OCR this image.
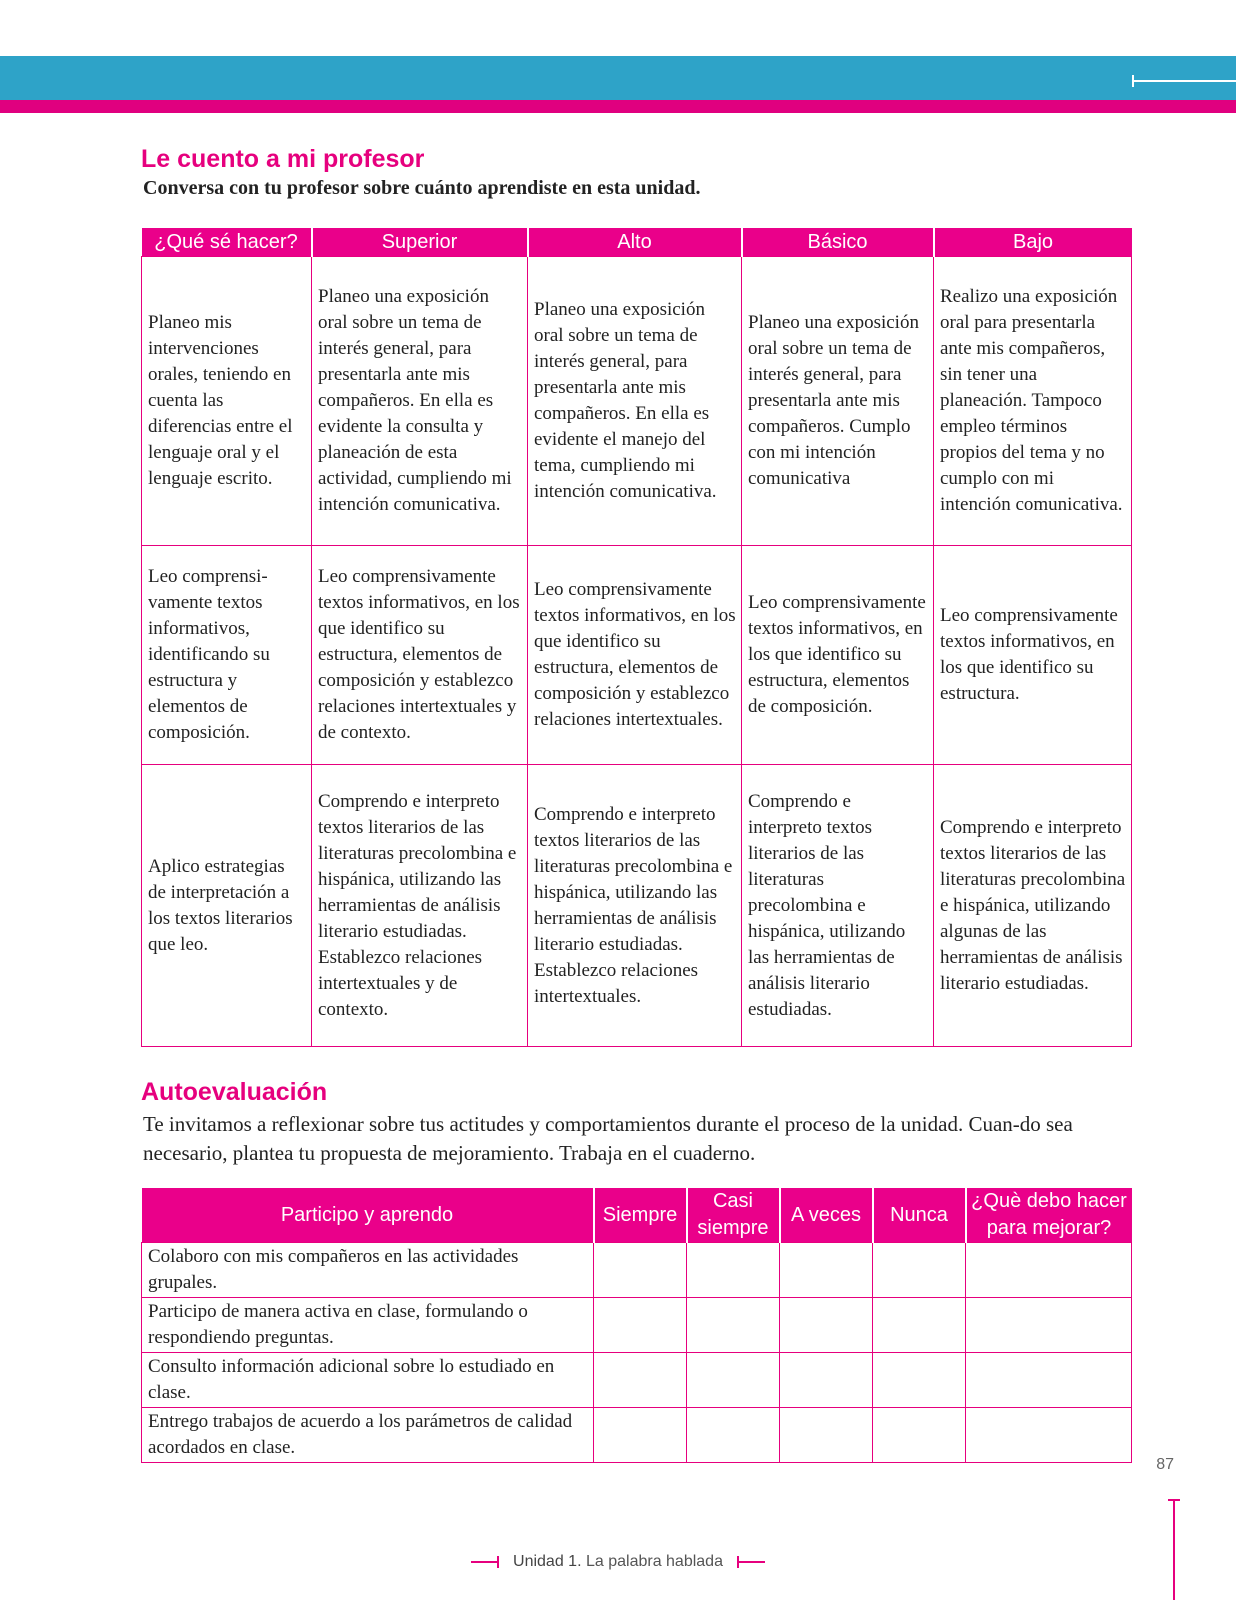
Le cuento a mi profesor

Conversa con tu profesor sobre cuánto aprendiste en esta unidad.

¿Qué sé hacer?	Superior	Alto	Básico	Bajo
Planeo mis intervenciones orales, teniendo en cuenta las diferencias entre el lenguaje oral y el lenguaje escrito.	Planeo una exposición oral sobre un tema de interés general, para presentarla ante mis compañeros. En ella es evidente la consulta y planeación de esta actividad, cumpliendo mi intención comunicativa.	Planeo una exposición oral sobre un tema de interés general, para presentarla ante mis compañeros. En ella es evidente el manejo del tema, cumpliendo mi intención comunicativa.	Planeo una exposición oral sobre un tema de interés general, para presentarla ante mis compañeros. Cumplo con mi intención comunicativa	Realizo una exposición oral para presentarla ante mis compañeros, sin tener una planeación. Tampoco empleo términos propios del tema y no cumplo con mi intención comunicativa.
Leo comprensi-vamente textos informativos, identificando su estructura y elementos de composición.	Leo comprensivamente textos informativos, en los que identifico su estructura, elementos de composición y establezco relaciones intertextuales y de contexto.	Leo comprensivamente textos informativos, en los que identifico su estructura, elementos de composición y establezco relaciones intertextuales.	Leo comprensivamente textos informativos, en los que identifico su estructura, elementos de composición.	Leo comprensivamente textos informativos, en los que identifico su estructura.
Aplico estrategias de interpretación a los textos literarios que leo.	Comprendo e interpreto textos literarios de las literaturas precolombina e hispánica, utilizando las herramientas de análisis literario estudiadas. Establezco relaciones intertextuales y de contexto.	Comprendo e interpreto textos literarios de las literaturas precolombina e hispánica, utilizando las herramientas de análisis literario estudiadas. Establezco relaciones intertextuales.	Comprendo e interpreto textos literarios de las literaturas precolombina e hispánica, utilizando las herramientas de análisis literario estudiadas.	Comprendo e interpreto textos literarios de las literaturas precolombina e hispánica, utilizando algunas de las herramientas de análisis literario estudiadas.
Autoevaluación

Te invitamos a reflexionar sobre tus actitudes y comportamientos durante el proceso de la unidad. Cuan-do sea necesario, plantea tu propuesta de mejoramiento. Trabaja en el cuaderno.

Participo y aprendo	Siempre	Casi siempre	A veces	Nunca	¿Què debo hacer para mejorar?
Colaboro con mis compañeros en las actividades grupales.					
Participo de manera activa en clase, formulando o respondiendo preguntas.					
Consulto información adicional sobre lo estudiado en clase.					
Entrego trabajos de acuerdo a los parámetros de calidad acordados en clase.					
87
Unidad 1. La palabra hablada
